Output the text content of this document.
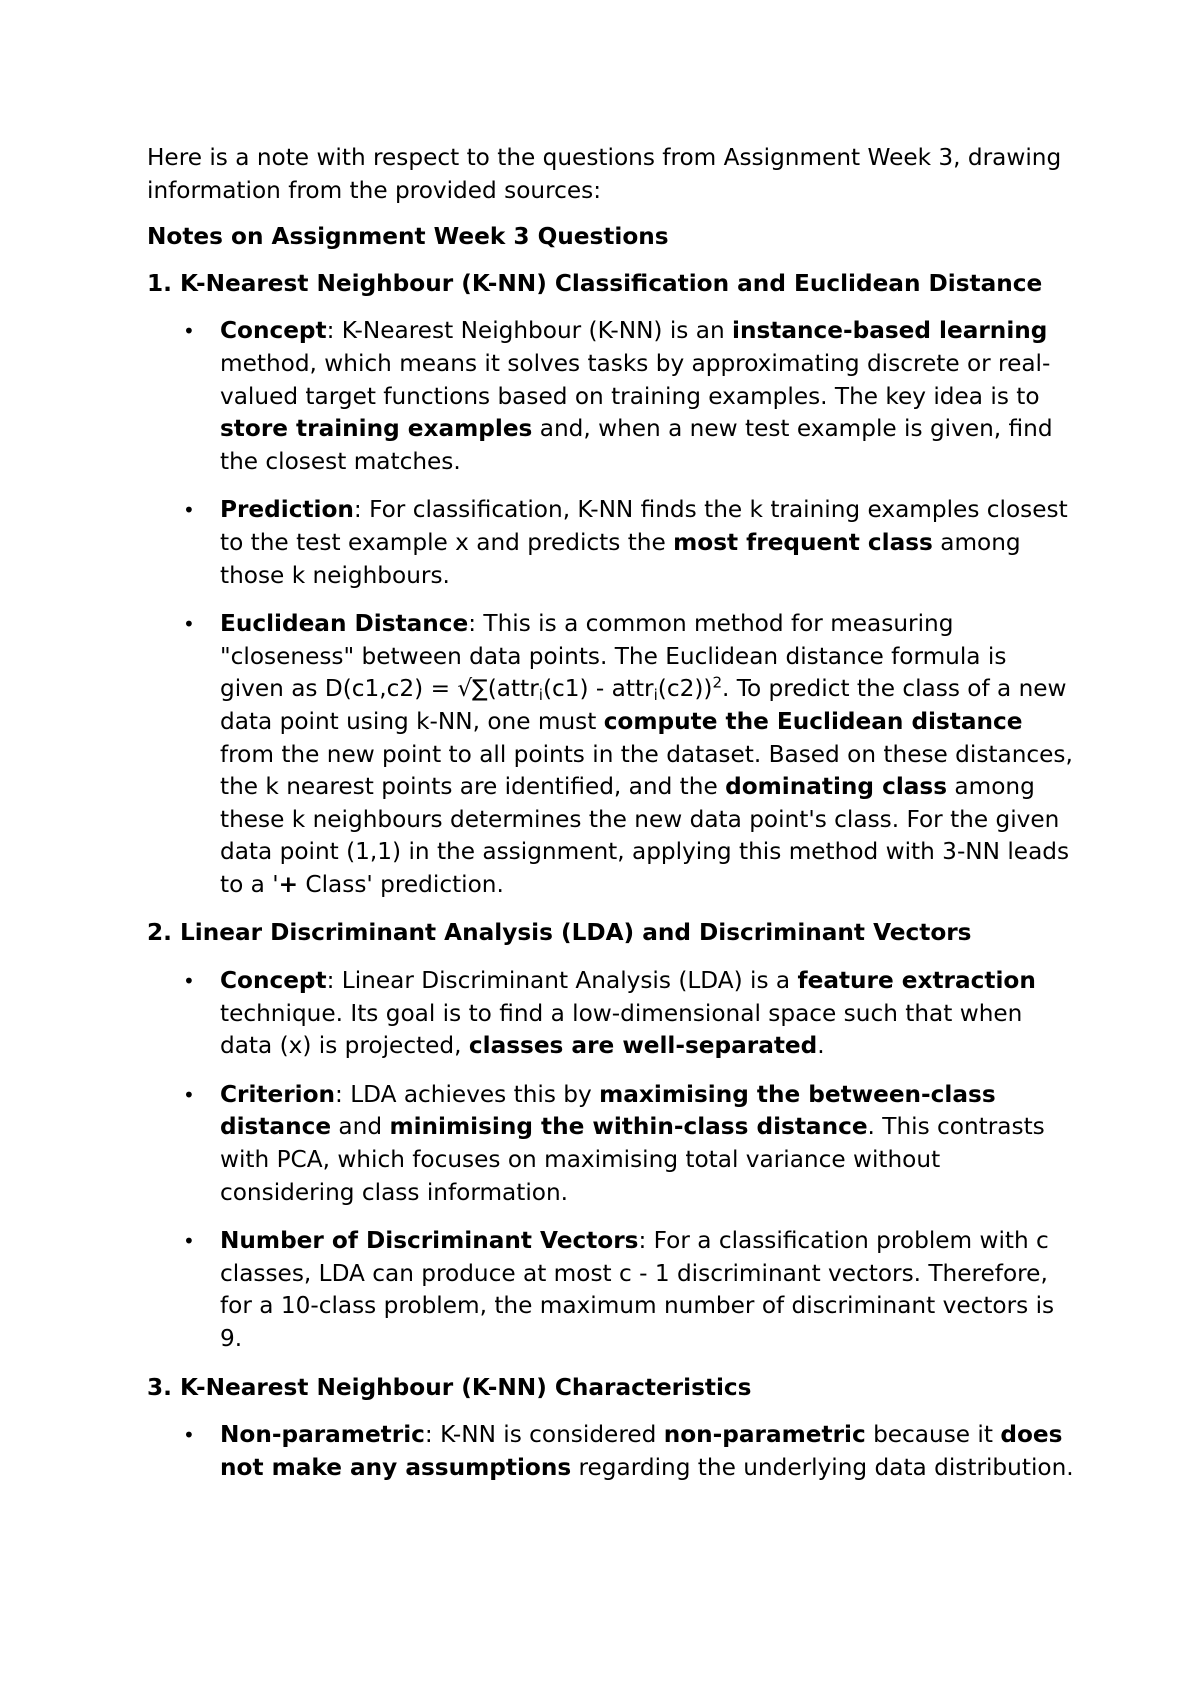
Here is a note with respect to the questions from Assignment Week 3, drawing information from the provided sources:

Notes on Assignment Week 3 Questions

1. K-Nearest Neighbour (K-NN) Classification and Euclidean Distance

• Concept: K-Nearest Neighbour (K-NN) is an instance-based learning method, which means it solves tasks by approximating discrete or real-valued target functions based on training examples. The key idea is to store training examples and, when a new test example is given, find the closest matches.
• Prediction: For classification, K-NN finds the k training examples closest to the test example x and predicts the most frequent class among those k neighbours.
• Euclidean Distance: This is a common method for measuring "closeness" between data points. The Euclidean distance formula is given as D(c1,c2) = √∑(attr$_i$(c1) - attr$_i$(c2))$^2$. To predict the class of a new data point using k-NN, one must compute the Euclidean distance from the new point to all points in the dataset. Based on these distances, the k nearest points are identified, and the dominating class among these k neighbours determines the new data point's class. For the given data point (1,1) in the assignment, applying this method with 3-NN leads to a '+ Class' prediction.

2. Linear Discriminant Analysis (LDA) and Discriminant Vectors

• Concept: Linear Discriminant Analysis (LDA) is a feature extraction technique. Its goal is to find a low-dimensional space such that when data (x) is projected, classes are well-separated.
• Criterion: LDA achieves this by maximising the between-class distance and minimising the within-class distance. This contrasts with PCA, which focuses on maximising total variance without considering class information.
• Number of Discriminant Vectors: For a classification problem with c classes, LDA can produce at most c - 1 discriminant vectors. Therefore, for a 10-class problem, the maximum number of discriminant vectors is 9.

3. K-Nearest Neighbour (K-NN) Characteristics

• Non-parametric: K-NN is considered non-parametric because it does not make any assumptions regarding the underlying data distribution.
